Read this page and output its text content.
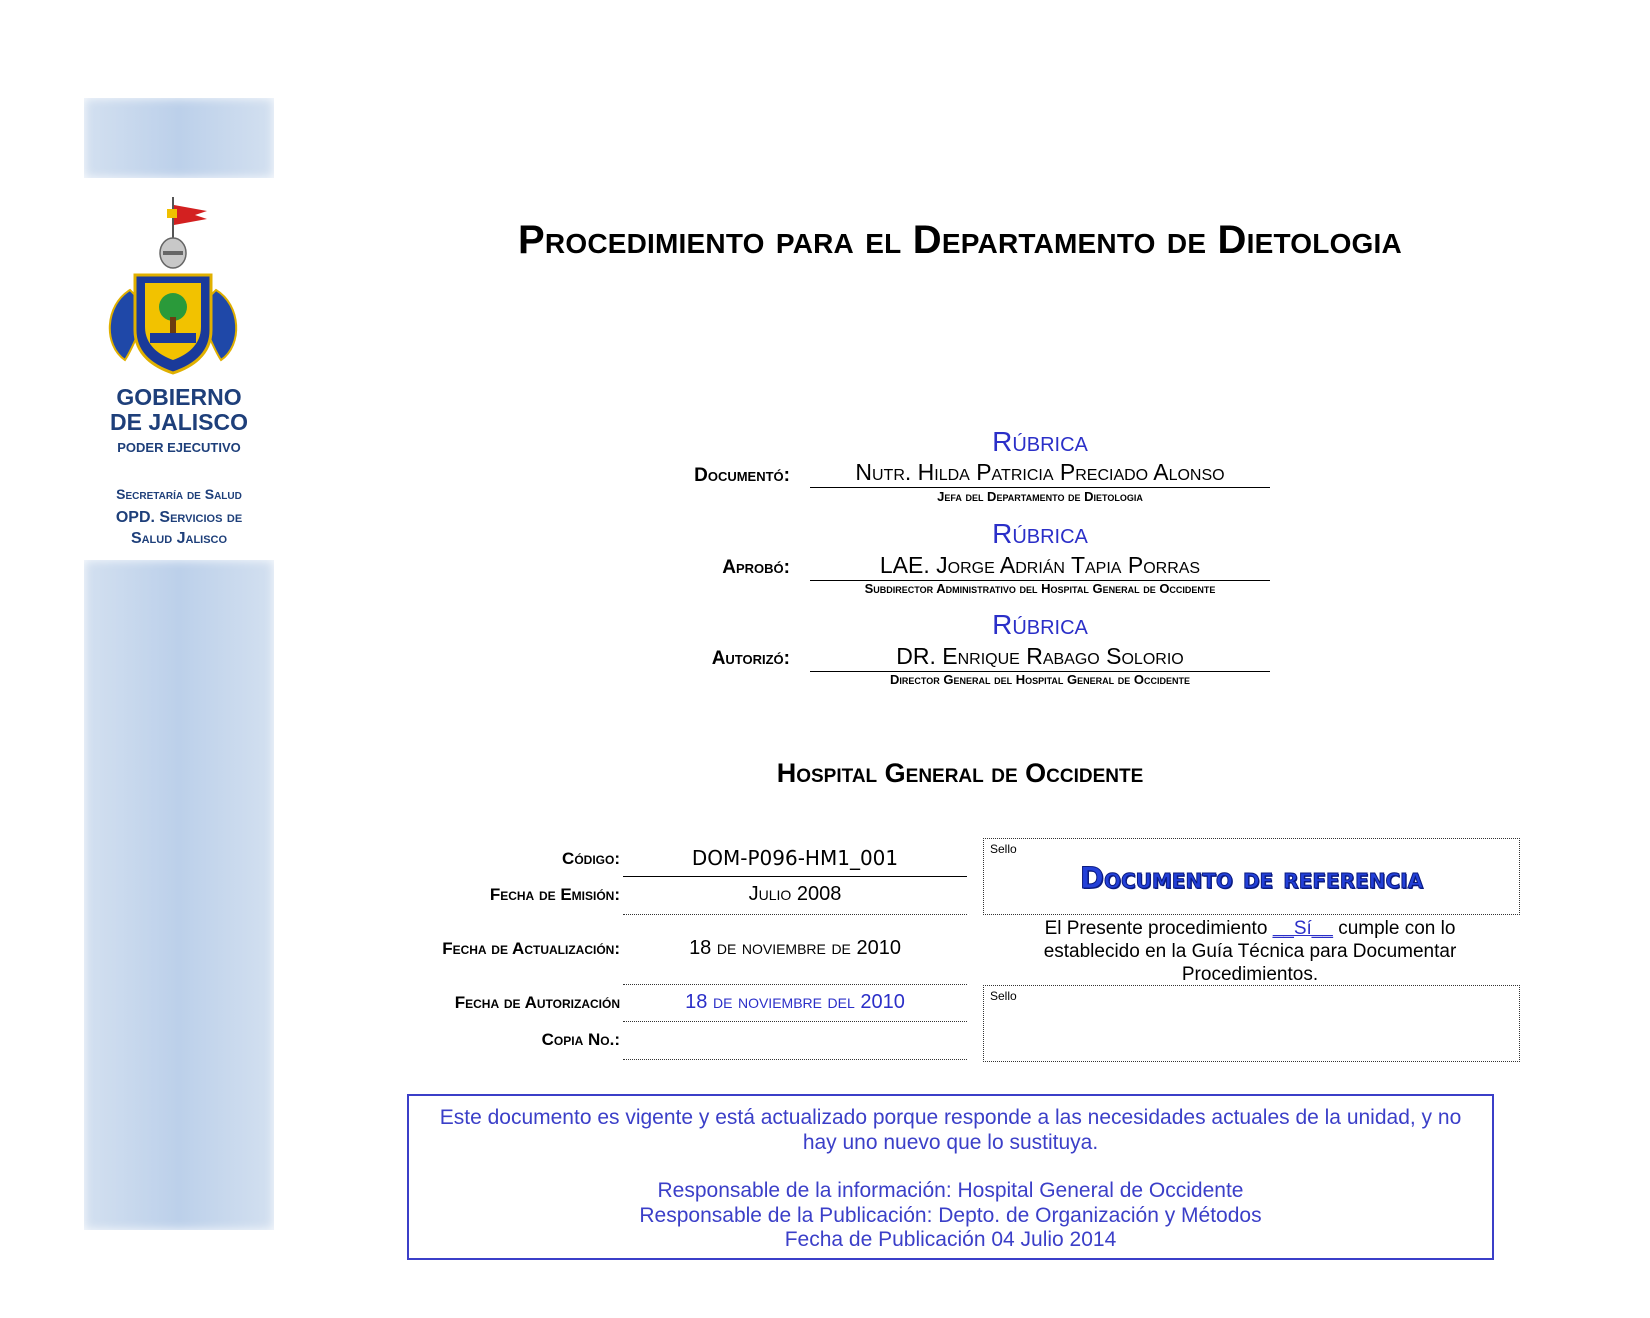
GOBIERNO
DE JALISCO
PODER EJECUTIVO
Secretaría de Salud
OPD. Servicios de
Salud Jalisco
Procedimiento para el Departamento de Dietologia
Rúbrica
Documentó:	Nutr. Hilda Patricia Preciado Alonso
Jefa del Departamento de Dietologia
Rúbrica
Aprobó:	LAE. Jorge Adrián Tapia Porras
Subdirector Administrativo del Hospital General de Occidente
Rúbrica
Autorizó:	DR. Enrique Rabago Solorio
Director General del Hospital General de Occidente
Hospital General de Occidente
Código:	DOM-P096-HM1_001
Fecha de Emisión:	Julio 2008
Fecha de Actualización:	18 de noviembre de 2010
Fecha de Autorización	18 de noviembre del 2010
Copia No.:
Sello
Documento de referencia
El Presente procedimiento __Sí__ cumple con lo establecido en la Guía Técnica para Documentar Procedimientos.
Sello
Este documento es vigente y está actualizado porque responde a las necesidades actuales de la unidad, y no hay uno nuevo que lo sustituya.
Responsable de la información: Hospital General de Occidente
Responsable de la Publicación: Depto. de Organización y Métodos
Fecha de Publicación 04 Julio 2014
